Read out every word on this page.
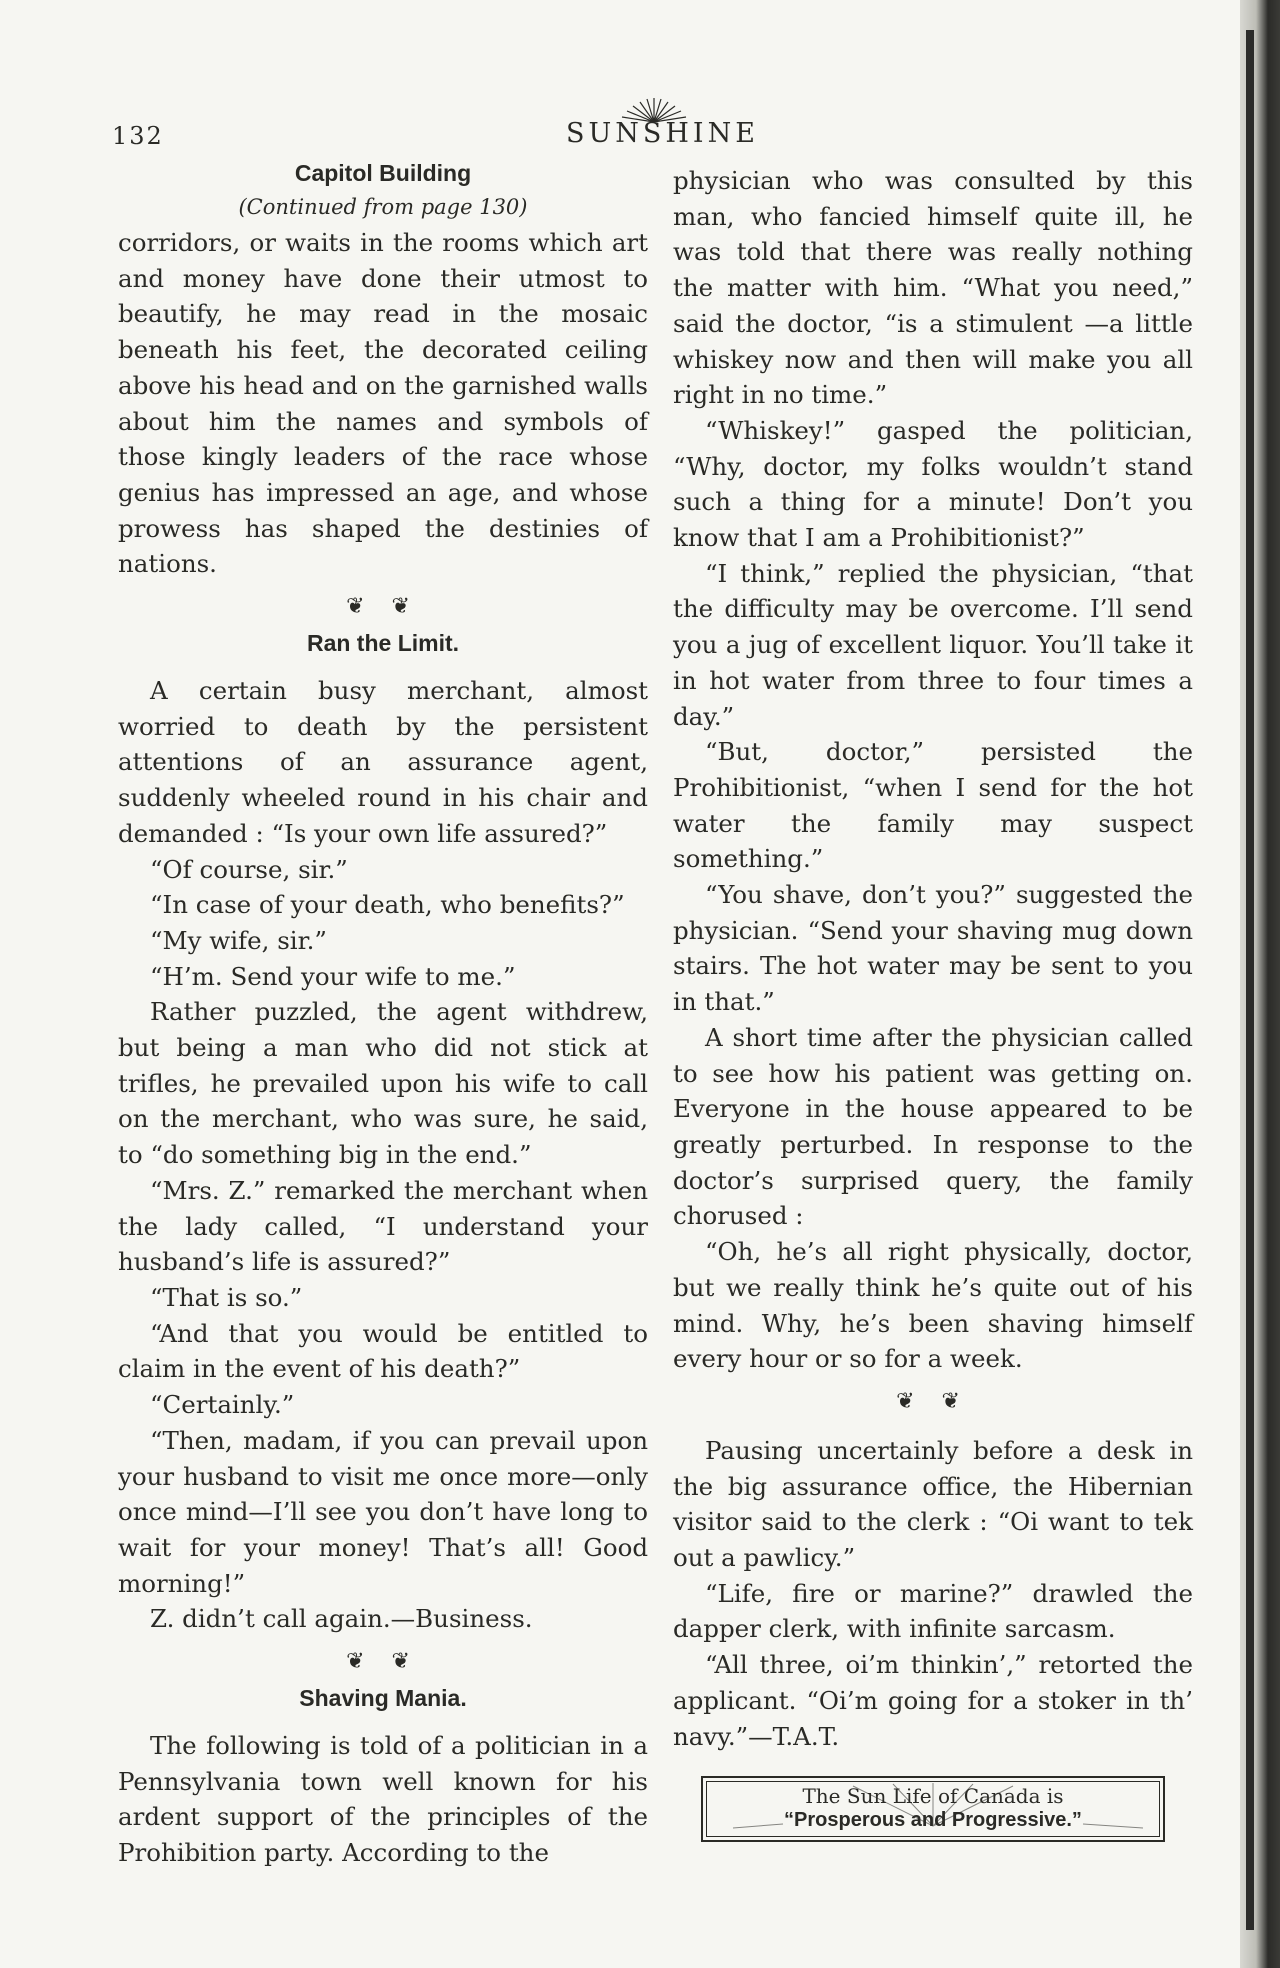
132	SUNSHINE
Capitol Building
(Continued from page 130)

corridors, or waits in the rooms which art and money have done their utmost to beautify, he may read in the mosaic beneath his feet, the decorated ceiling above his head and on the garnished walls about him the names and symbols of those kingly leaders of the race whose genius has impressed an age, and whose prowess has shaped the destinies of nations.

❦ ❦
Ran the Limit.

A certain busy merchant, almost worried to death by the persistent attentions of an assurance agent, suddenly wheeled round in his chair and demanded : “Is your own life assured?”

“Of course, sir.”

“In case of your death, who benefits?”

“My wife, sir.”

“H’m. Send your wife to me.”

Rather puzzled, the agent withdrew, but being a man who did not stick at trifles, he prevailed upon his wife to call on the merchant, who was sure, he said, to “do something big in the end.”

“Mrs. Z.” remarked the merchant when the lady called, “I understand your husband’s life is assured?”

“That is so.”

“And that you would be entitled to claim in the event of his death?”

“Certainly.”

“Then, madam, if you can prevail upon your husband to visit me once more—only once mind—I’ll see you don’t have long to wait for your money! That’s all! Good morning!”

Z. didn’t call again.—Business.

❦ ❦
Shaving Mania.

The following is told of a politician in a Pennsylvania town well known for his ardent support of the principles of the Prohibition party. According to the

physician who was consulted by this man, who fancied himself quite ill, he was told that there was really nothing the matter with him. “What you need,” said the doctor, “is a stimulent —a little whiskey now and then will make you all right in no time.”

“Whiskey!” gasped the politician, “Why, doctor, my folks wouldn’t stand such a thing for a minute! Don’t you know that I am a Prohibitionist?”

“I think,” replied the physician, “that the difficulty may be overcome. I’ll send you a jug of excellent liquor. You’ll take it in hot water from three to four times a day.”

“But, doctor,” persisted the Prohibitionist, “when I send for the hot water the family may suspect something.”

“You shave, don’t you?” suggested the physician. “Send your shaving mug down stairs. The hot water may be sent to you in that.”

A short time after the physician called to see how his patient was getting on. Everyone in the house appeared to be greatly perturbed. In response to the doctor’s surprised query, the family chorused :

“Oh, he’s all right physically, doctor, but we really think he’s quite out of his mind. Why, he’s been shaving himself every hour or so for a week.

❦ ❦

Pausing uncertainly before a desk in the big assurance office, the Hibernian visitor said to the clerk : “Oi want to tek out a pawlicy.”

“Life, fire or marine?” drawled the dapper clerk, with infinite sarcasm.

“All three, oi’m thinkin’,” retorted the applicant. “Oi’m going for a stoker in th’ navy.”—T.A.T.

The Sun Life of Canada is
“Prosperous and Progressive.”
